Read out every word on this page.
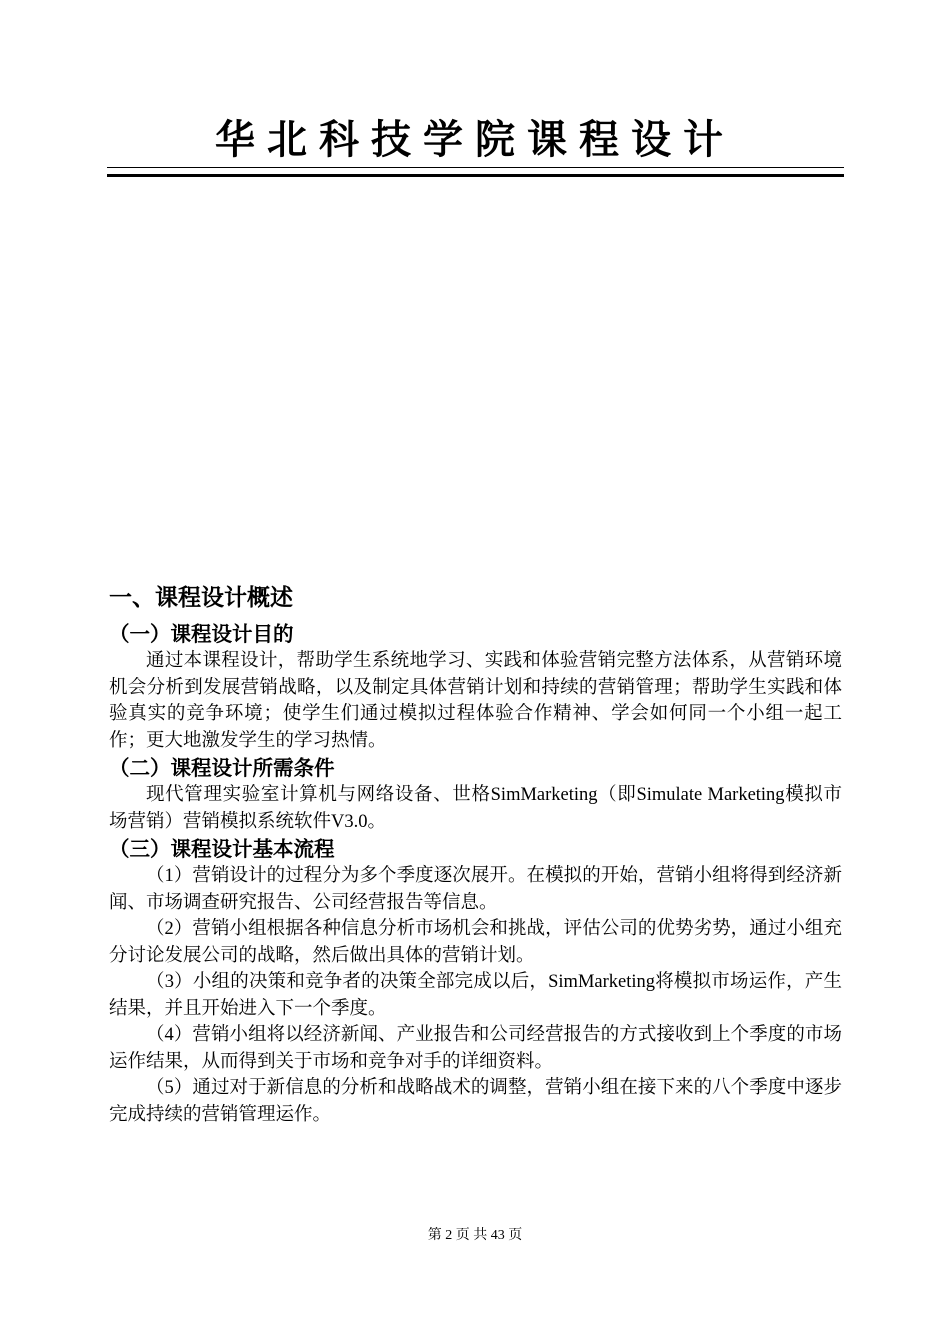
华北科技学院课程设计
一、课程设计概述
（一）课程设计目的

通过本课程设计，帮助学生系统地学习、实践和体验营销完整方法体系，从营销环境机会分析到发展营销战略，以及制定具体营销计划和持续的营销管理；帮助学生实践和体验真实的竞争环境；使学生们通过模拟过程体验合作精神、学会如何同一个小组一起工作；更大地激发学生的学习热情。

（二）课程设计所需条件

现代管理实验室计算机与网络设备、世格SimMarketing（即Simulate Marketing模拟市场营销）营销模拟系统软件V3.0。

（三）课程设计基本流程

（1）营销设计的过程分为多个季度逐次展开。在模拟的开始，营销小组将得到经济新闻、市场调查研究报告、公司经营报告等信息。

（2）营销小组根据各种信息分析市场机会和挑战，评估公司的优势劣势，通过小组充分讨论发展公司的战略，然后做出具体的营销计划。

（3）小组的决策和竞争者的决策全部完成以后，SimMarketing将模拟市场运作，产生结果，并且开始进入下一个季度。

（4）营销小组将以经济新闻、产业报告和公司经营报告的方式接收到上个季度的市场运作结果，从而得到关于市场和竞争对手的详细资料。

（5）通过对于新信息的分析和战略战术的调整，营销小组在接下来的八个季度中逐步完成持续的营销管理运作。

第 2 页 共 43 页
